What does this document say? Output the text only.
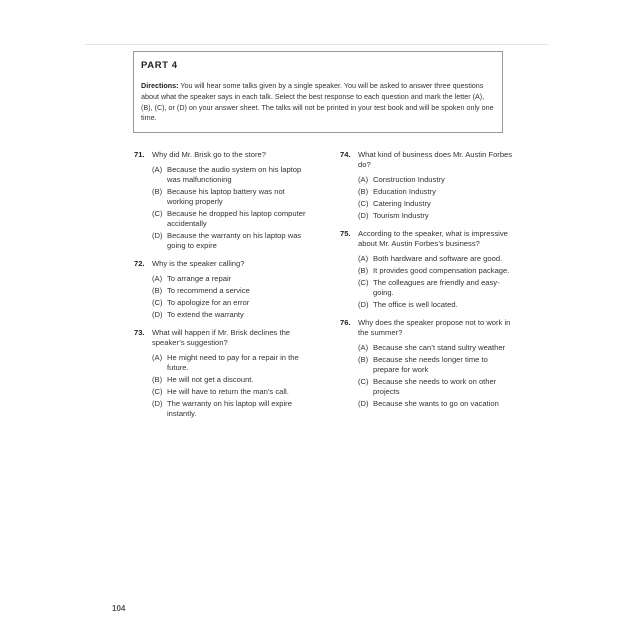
PART 4
Directions: You will hear some talks given by a single speaker. You will be asked to answer three questions about what the speaker says in each talk. Select the best response to each question and mark the letter (A), (B), (C), or (D) on your answer sheet. The talks will not be printed in your test book and will be spoken only one time.
71. Why did Mr. Brisk go to the store?
(A) Because the audio system on his laptop was malfunctioning
(B) Because his laptop battery was not working properly
(C) Because he dropped his laptop computer accidentally
(D) Because the warranty on his laptop was going to expire
72. Why is the speaker calling?
(A) To arrange a repair
(B) To recommend a service
(C) To apologize for an error
(D) To extend the warranty
73. What will happen if Mr. Brisk declines the speaker’s suggestion?
(A) He might need to pay for a repair in the future.
(B) He will not get a discount.
(C) He will have to return the man’s call.
(D) The warranty on his laptop will expire instantly.
74. What kind of business does Mr. Austin Forbes do?
(A) Construction Industry
(B) Education Industry
(C) Catering Industry
(D) Tourism Industry
75. According to the speaker, what is impressive about Mr. Austin Forbes’s business?
(A) Both hardware and software are good.
(B) It provides good compensation package.
(C) The colleagues are friendly and easy-going.
(D) The office is well located.
76. Why does the speaker propose not to work in the summer?
(A) Because she can’t stand sultry weather
(B) Because she needs longer time to prepare for work
(C) Because she needs to work on other projects
(D) Because she wants to go on vacation
104
